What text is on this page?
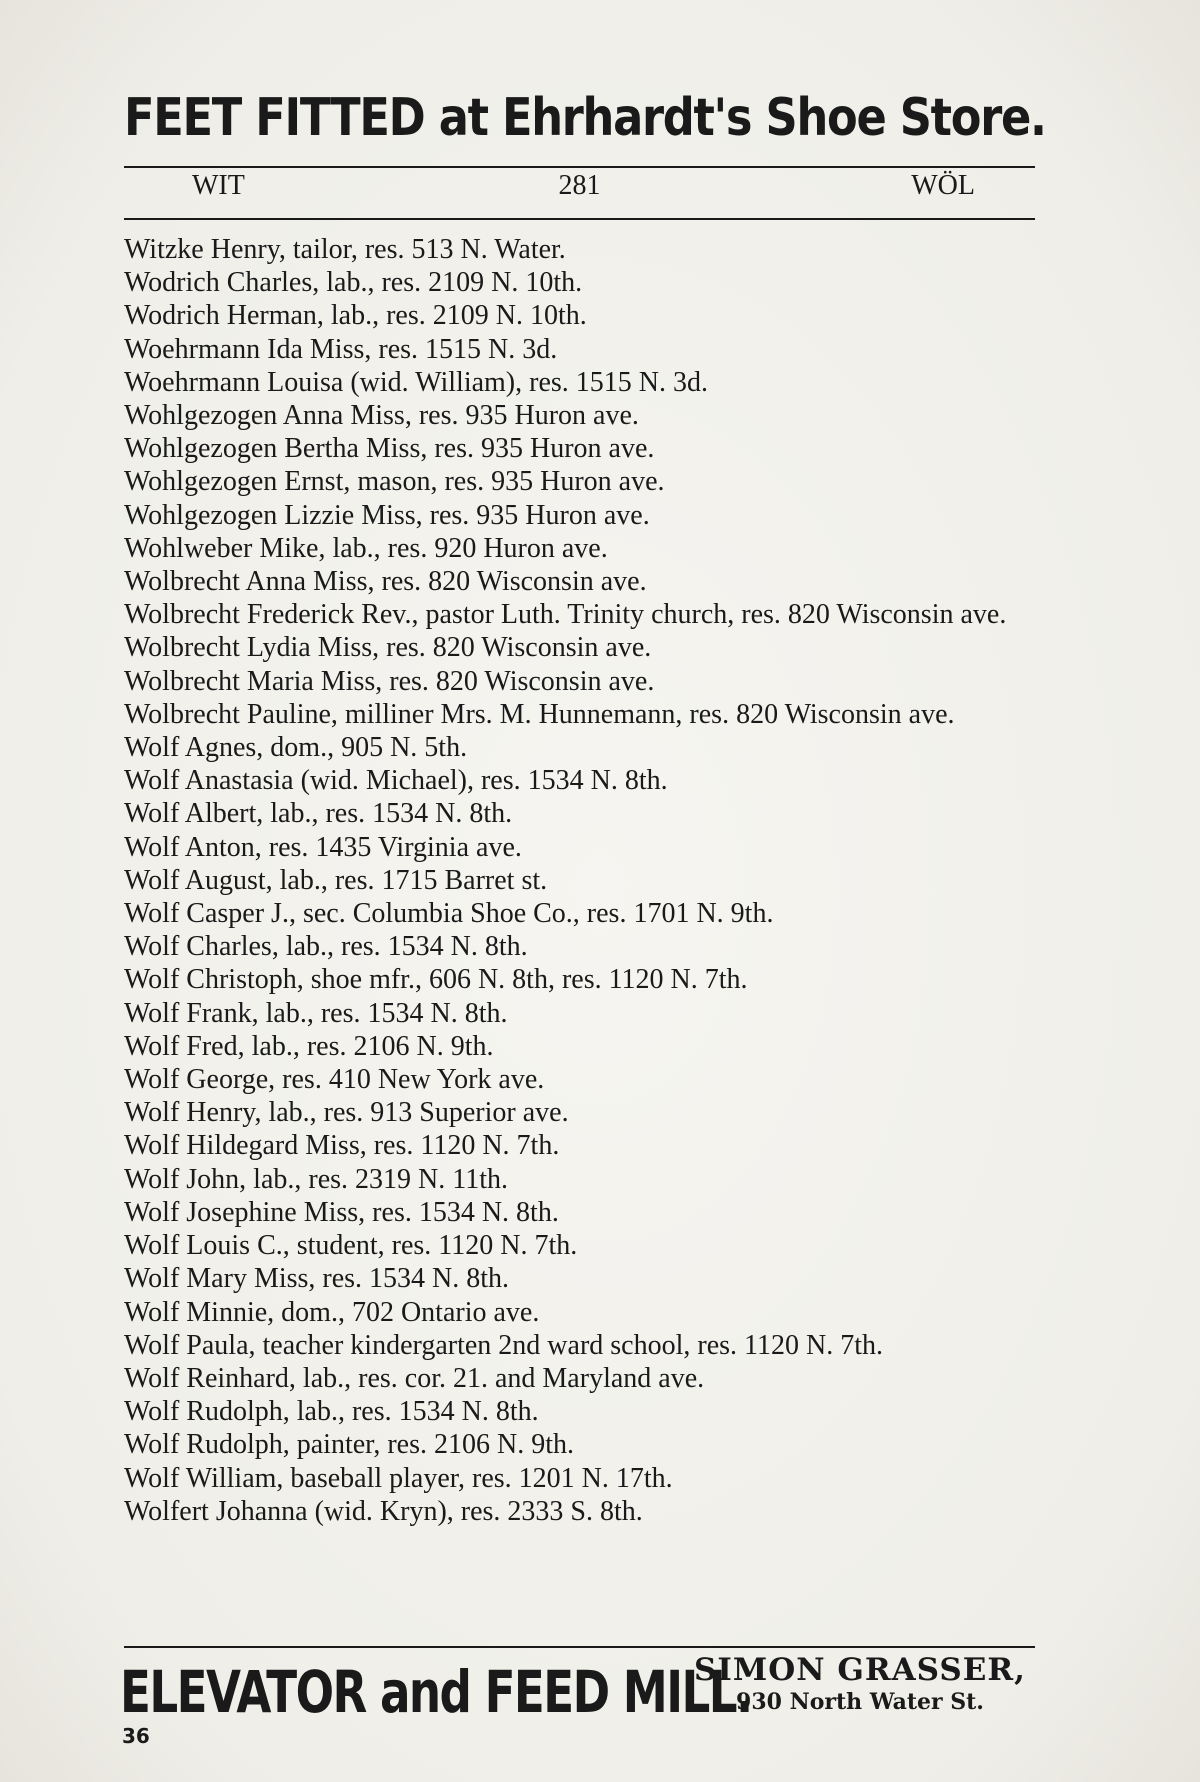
FEET FITTED at Ehrhardt's Shoe Store.
281
WIT	WÖL
Witzke Henry, tailor, res. 513 N. Water.
Wodrich Charles, lab., res. 2109 N. 10th.
Wodrich Herman, lab., res. 2109 N. 10th.
Woehrmann Ida Miss, res. 1515 N. 3d.
Woehrmann Louisa (wid. William), res. 1515 N. 3d.
Wohlgezogen Anna Miss, res. 935 Huron ave.
Wohlgezogen Bertha Miss, res. 935 Huron ave.
Wohlgezogen Ernst, mason, res. 935 Huron ave.
Wohlgezogen Lizzie Miss, res. 935 Huron ave.
Wohlweber Mike, lab., res. 920 Huron ave.
Wolbrecht Anna Miss, res. 820 Wisconsin ave.
Wolbrecht Frederick Rev., pastor Luth. Trinity church, res. 820 Wisconsin ave.
Wolbrecht Lydia Miss, res. 820 Wisconsin ave.
Wolbrecht Maria Miss, res. 820 Wisconsin ave.
Wolbrecht Pauline, milliner Mrs. M. Hunnemann, res. 820 Wisconsin ave.
Wolf Agnes, dom., 905 N. 5th.
Wolf Anastasia (wid. Michael), res. 1534 N. 8th.
Wolf Albert, lab., res. 1534 N. 8th.
Wolf Anton, res. 1435 Virginia ave.
Wolf August, lab., res. 1715 Barret st.
Wolf Casper J., sec. Columbia Shoe Co., res. 1701 N. 9th.
Wolf Charles, lab., res. 1534 N. 8th.
Wolf Christoph, shoe mfr., 606 N. 8th, res. 1120 N. 7th.
Wolf Frank, lab., res. 1534 N. 8th.
Wolf Fred, lab., res. 2106 N. 9th.
Wolf George, res. 410 New York ave.
Wolf Henry, lab., res. 913 Superior ave.
Wolf Hildegard Miss, res. 1120 N. 7th.
Wolf John, lab., res. 2319 N. 11th.
Wolf Josephine Miss, res. 1534 N. 8th.
Wolf Louis C., student, res. 1120 N. 7th.
Wolf Mary Miss, res. 1534 N. 8th.
Wolf Minnie, dom., 702 Ontario ave.
Wolf Paula, teacher kindergarten 2nd ward school, res. 1120 N. 7th.
Wolf Reinhard, lab., res. cor. 21. and Maryland ave.
Wolf Rudolph, lab., res. 1534 N. 8th.
Wolf Rudolph, painter, res. 2106 N. 9th.
Wolf William, baseball player, res. 1201 N. 17th.
Wolfert Johanna (wid. Kryn), res. 2333 S. 8th.
ELEVATOR and FEED MILL.
SIMON GRASSER,
930 North Water St.
36
